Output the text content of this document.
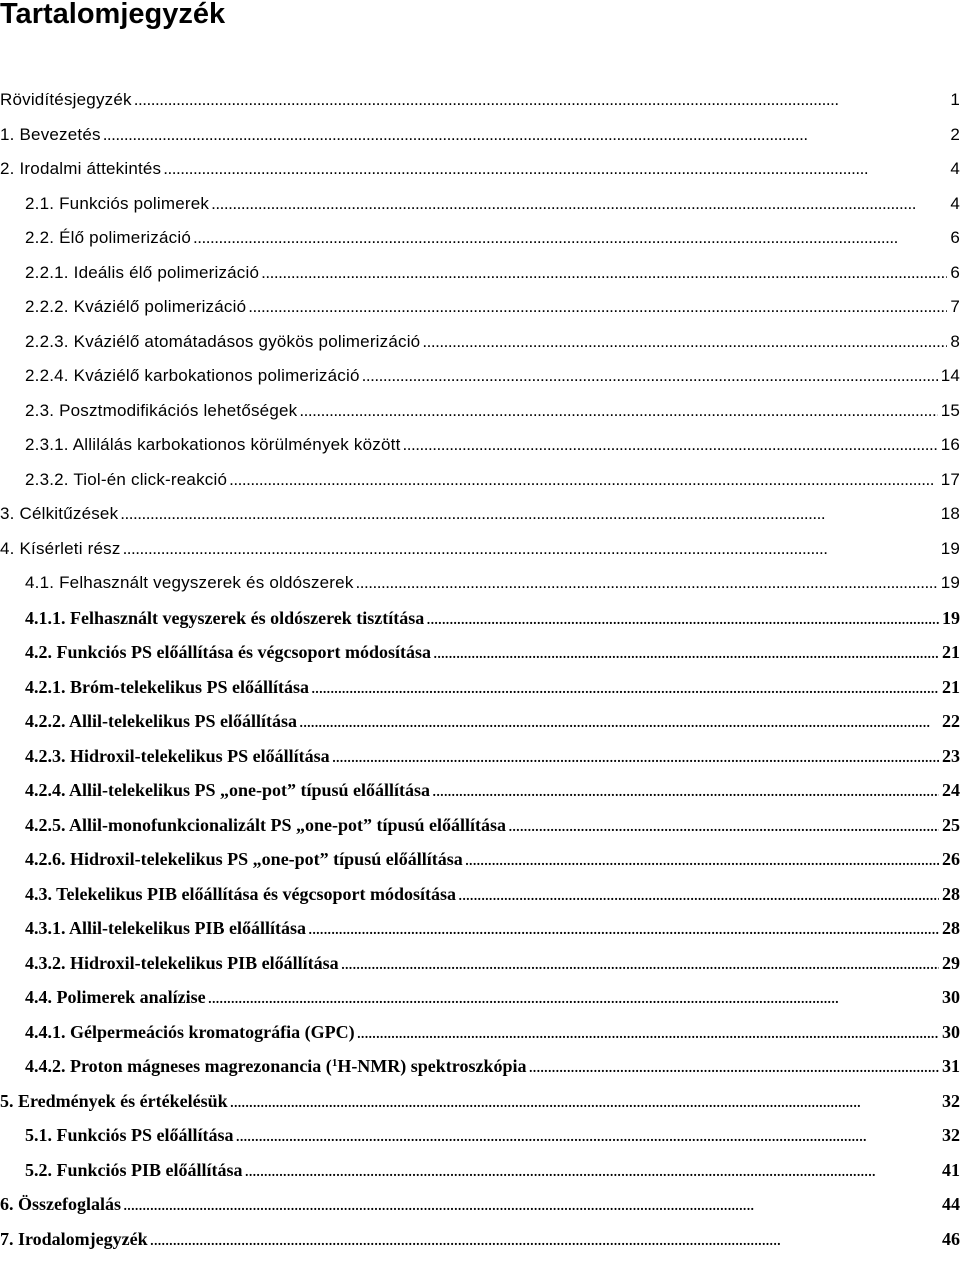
Tartalomjegyzék
Rövidítésjegyzék . . .	1
1. Bevezetés . . .	2
2. Irodalmi áttekintés . . .	4
2.1. Funkciós polimerek . . .	4
2.2. Élő polimerizáció . . .	6
2.2.1. Ideális élő polimerizáció . . .	6
2.2.2. Kváziélő polimerizáció . . .	7
2.2.3. Kváziélő atomátadásos gyökös polimerizáció . . .	8
2.2.4. Kváziélő karbokationos polimerizáció . . .	14
2.3. Posztmodifikációs lehetőségek . . .	15
2.3.1. Allilálás karbokationos körülmények között . . .	16
2.3.2. Tiol-én click-reakció . . .	17
3. Célkitűzések . . .	18
4. Kísérleti rész . . .	19
4.1. Felhasznált vegyszerek és oldószerek . . .	19
4.1.1. Felhasznált vegyszerek és oldószerek tisztítása . . .	19
4.2. Funkciós PS előállítása és végcsoport módosítása . . .	21
4.2.1. Bróm-telekelikus PS előállítása . . .	21
4.2.2. Allil-telekelikus PS előállítása . . .	22
4.2.3. Hidroxil-telekelikus PS előállítása . . .	23
4.2.4. Allil-telekelikus PS „one-pot” típusú előállítása . . .	24
4.2.5. Allil-monofunkcionalizált PS „one-pot” típusú előállítása . . .	25
4.2.6. Hidroxil-telekelikus PS „one-pot” típusú előállítása . . .	26
4.3. Telekelikus PIB előállítása és végcsoport módosítása . . .	28
4.3.1. Allil-telekelikus PIB előállítása . . .	28
4.3.2. Hidroxil-telekelikus PIB előállítása . . .	29
4.4. Polimerek analízise . . .	30
4.4.1. Gélpermeációs kromatográfia (GPC) . . .	30
4.4.2. Proton mágneses magrezonancia ($^1$H-NMR) spektroszkópia . . .	31
5. Eredmények és értékelésük . . .	32
5.1. Funkciós PS előállítása . . .	32
5.2. Funkciós PIB előállítása . . .	41
6. Összefoglalás . . .	44
7. Irodalomjegyzék . . .	46
